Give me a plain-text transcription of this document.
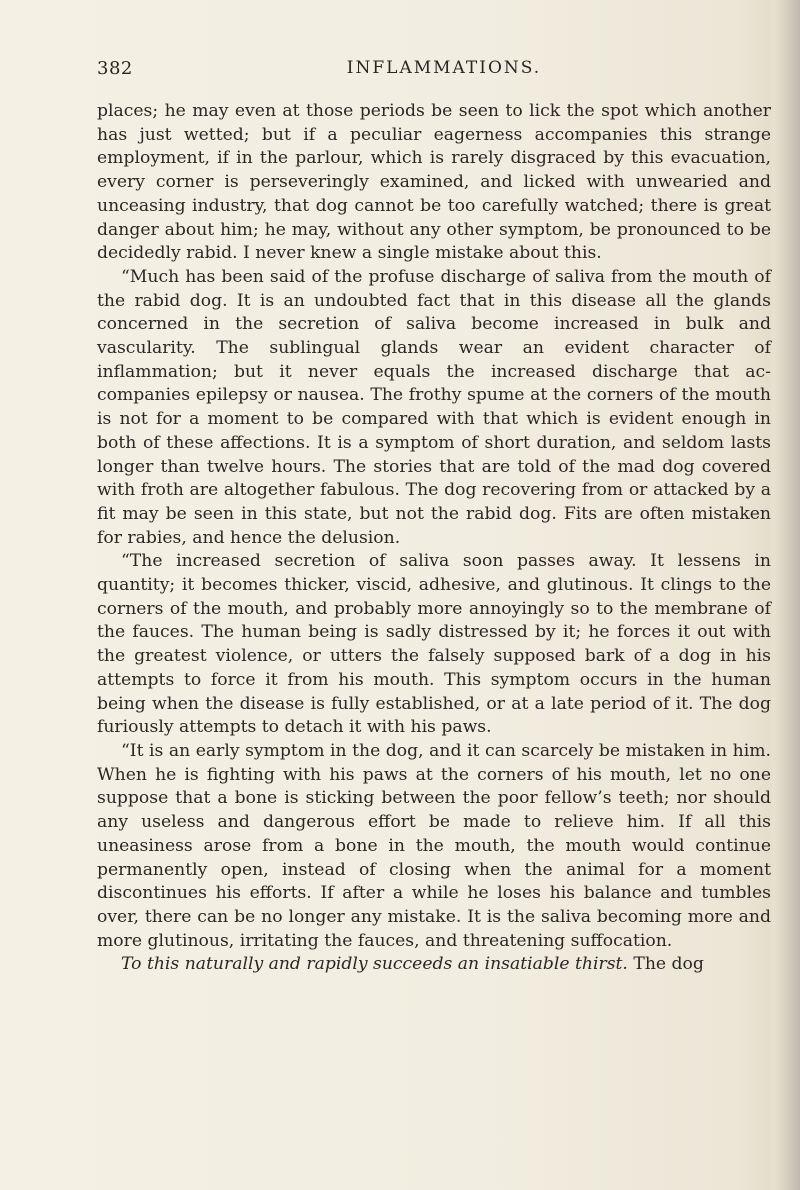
382	INFLAMMATIONS.

places; he may even at those periods be seen to lick the spot which another has just wetted; but if a peculiar eagerness accompanies this strange employment, if in the parlour, which is rarely disgraced by this evacuation, every corner is perseveringly examined, and licked with unwearied and unceasing industry, that dog cannot be too carefully watched; there is great danger about him; he may, without any other symptom, be pronounced to be decidedly rabid. I never knew a single mistake about this.

“Much has been said of the profuse discharge of saliva from the mouth of the rabid dog. It is an undoubted fact that in this disease all the glands concerned in the secretion of saliva become increased in bulk and vascularity. The sublingual glands wear an evident character of inflammation; but it never equals the increased discharge that ac- companies epilepsy or nausea. The frothy spume at the corners of the mouth is not for a moment to be compared with that which is evident enough in both of these affections. It is a symptom of short duration, and seldom lasts longer than twelve hours. The stories that are told of the mad dog covered with froth are altogether fabulous. The dog recovering from or attacked by a fit may be seen in this state, but not the rabid dog. Fits are often mistaken for rabies, and hence the delusion.

“The increased secretion of saliva soon passes away. It lessens in quantity; it becomes thicker, viscid, adhesive, and glutinous. It clings to the corners of the mouth, and probably more annoyingly so to the membrane of the fauces. The human being is sadly distressed by it; he forces it out with the greatest violence, or utters the falsely supposed bark of a dog in his attempts to force it from his mouth. This symptom occurs in the human being when the disease is fully established, or at a late period of it. The dog furiously attempts to detach it with his paws.

“It is an early symptom in the dog, and it can scarcely be mistaken in him. When he is fighting with his paws at the corners of his mouth, let no one suppose that a bone is sticking between the poor fellow’s teeth; nor should any useless and dangerous effort be made to relieve him. If all this uneasiness arose from a bone in the mouth, the mouth would continue permanently open, instead of closing when the animal for a moment discontinues his efforts. If after a while he loses his balance and tumbles over, there can be no longer any mistake. It is the saliva becoming more and more glutinous, irritating the fauces, and threatening suffocation.

To this naturally and rapidly succeeds an insatiable thirst. The dog
